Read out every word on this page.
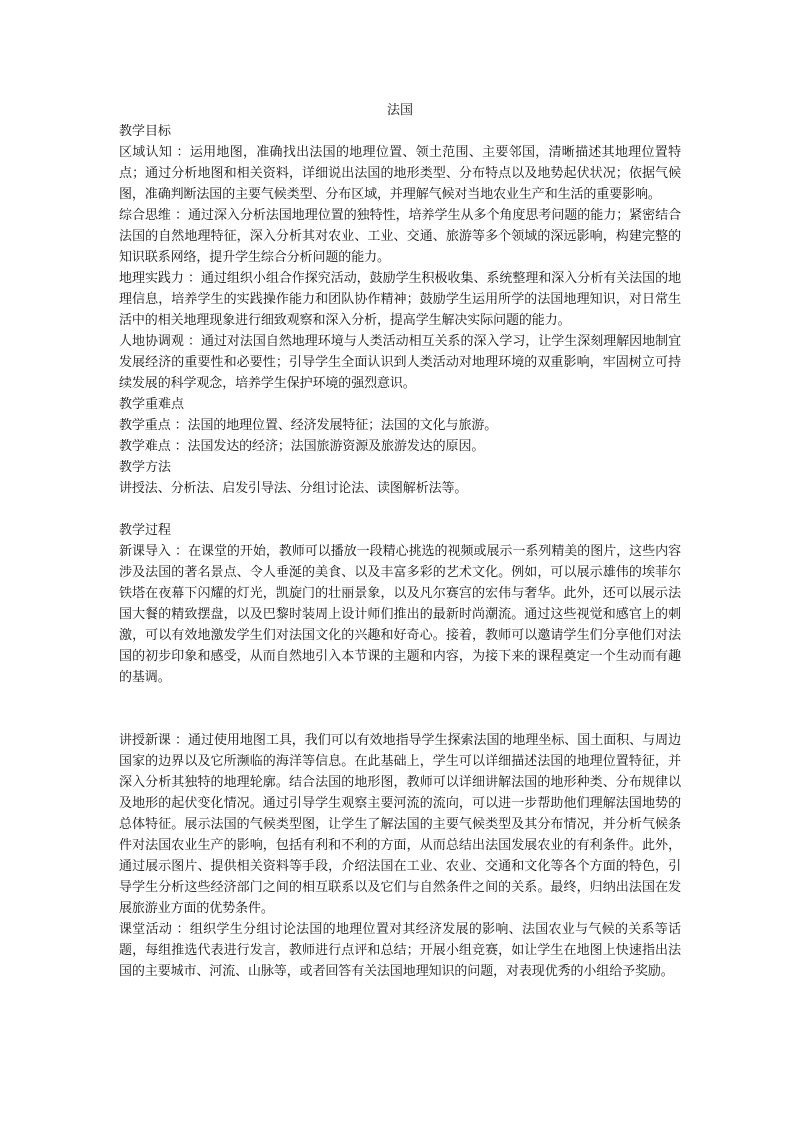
法国
教学目标

区域认知 ：运用地图，准确找出法国的地理位置、领土范围、主要邻国，清晰描述其地理位置特点；通过分析地图和相关资料，详细说出法国的地形类型、分布特点以及地势起伏状况；依据气候图，准确判断法国的主要气候类型、分布区域，并理解气候对当地农业生产和生活的重要影响。

综合思维 ：通过深入分析法国地理位置的独特性，培养学生从多个角度思考问题的能力；紧密结合法国的自然地理特征，深入分析其对农业、工业、交通、旅游等多个领域的深远影响，构建完整的知识联系网络，提升学生综合分析问题的能力。

地理实践力 ：通过组织小组合作探究活动，鼓励学生积极收集、系统整理和深入分析有关法国的地理信息，培养学生的实践操作能力和团队协作精神；鼓励学生运用所学的法国地理知识，对日常生活中的相关地理现象进行细致观察和深入分析，提高学生解决实际问题的能力。

人地协调观 ：通过对法国自然地理环境与人类活动相互关系的深入学习，让学生深刻理解因地制宜发展经济的重要性和必要性；引导学生全面认识到人类活动对地理环境的双重影响，牢固树立可持续发展的科学观念，培养学生保护环境的强烈意识。

教学重难点

教学重点 ：法国的地理位置、经济发展特征；法国的文化与旅游。

教学难点 ：法国发达的经济；法国旅游资源及旅游发达的原因。

教学方法

讲授法、分析法、启发引导法、分组讨论法、读图解析法等。

教学过程

新课导入 ：在课堂的开始，教师可以播放一段精心挑选的视频或展示一系列精美的图片，这些内容涉及法国的著名景点、令人垂涎的美食、以及丰富多彩的艺术文化。例如，可以展示雄伟的埃菲尔铁塔在夜幕下闪耀的灯光，凯旋门的壮丽景象，以及凡尔赛宫的宏伟与奢华。此外，还可以展示法国大餐的精致摆盘，以及巴黎时装周上设计师们推出的最新时尚潮流。通过这些视觉和感官上的刺激，可以有效地激发学生们对法国文化的兴趣和好奇心。接着，教师可以邀请学生们分享他们对法国的初步印象和感受，从而自然地引入本节课的主题和内容，为接下来的课程奠定一个生动而有趣的基调。

讲授新课 ：通过使用地图工具，我们可以有效地指导学生探索法国的地理坐标、国土面积、与周边国家的边界以及它所濒临的海洋等信息。在此基础上，学生可以详细描述法国的地理位置特征，并深入分析其独特的地理轮廓。结合法国的地形图，教师可以详细讲解法国的地形种类、分布规律以及地形的起伏变化情况。通过引导学生观察主要河流的流向，可以进一步帮助他们理解法国地势的总体特征。展示法国的气候类型图，让学生了解法国的主要气候类型及其分布情况，并分析气候条件对法国农业生产的影响，包括有利和不利的方面，从而总结出法国发展农业的有利条件。此外，通过展示图片、提供相关资料等手段，介绍法国在工业、农业、交通和文化等各个方面的特色，引导学生分析这些经济部门之间的相互联系以及它们与自然条件之间的关系。最终，归纳出法国在发展旅游业方面的优势条件。

课堂活动 ：组织学生分组讨论法国的地理位置对其经济发展的影响、法国农业与气候的关系等话题，每组推选代表进行发言，教师进行点评和总结；开展小组竞赛，如让学生在地图上快速指出法国的主要城市、河流、山脉等，或者回答有关法国地理知识的问题，对表现优秀的小组给予奖励。
